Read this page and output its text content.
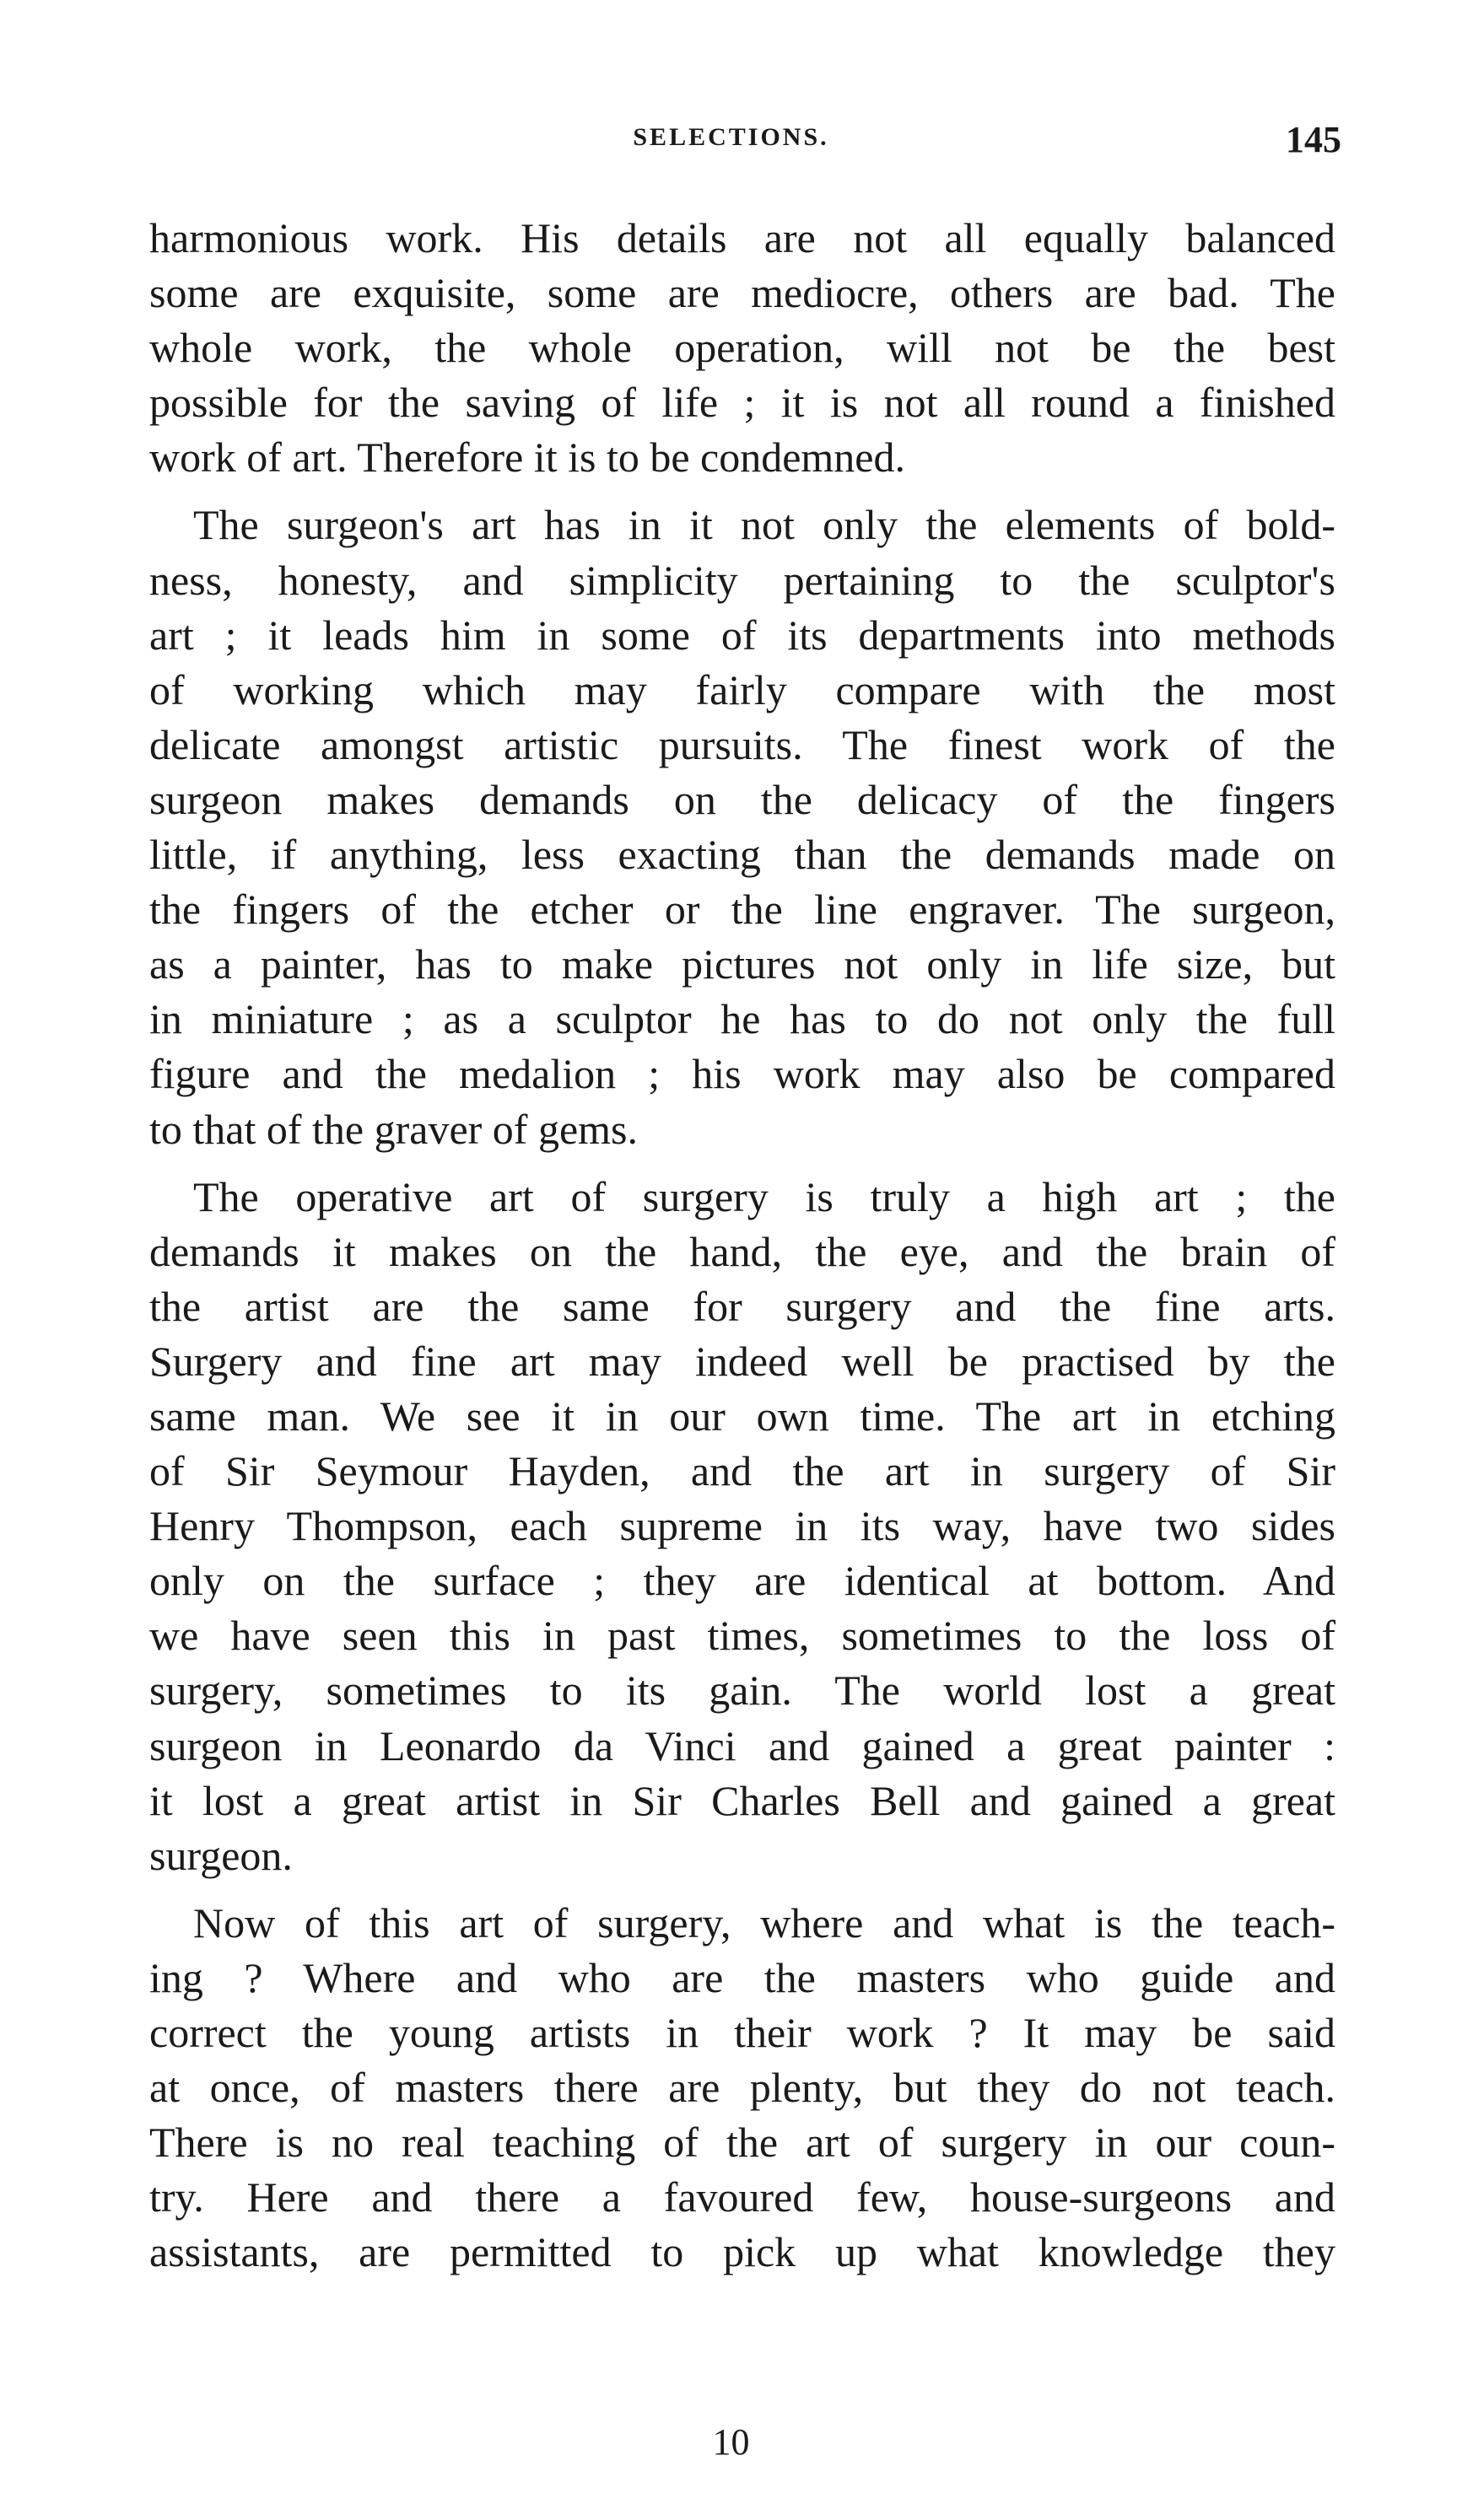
SELECTIONS.	145
harmonious work. His details are not all equally balanced
some are exquisite, some are mediocre, others are bad. The
whole work, the whole operation, will not be the best
possible for the saving of life ; it is not all round a finished
work of art. Therefore it is to be condemned.
The surgeon's art has in it not only the elements of bold-
ness, honesty, and simplicity pertaining to the sculptor's
art ; it leads him in some of its departments into methods
of working which may fairly compare with the most
delicate amongst artistic pursuits. The finest work of the
surgeon makes demands on the delicacy of the fingers
little, if anything, less exacting than the demands made on
the fingers of the etcher or the line engraver. The surgeon,
as a painter, has to make pictures not only in life size, but
in miniature ; as a sculptor he has to do not only the full
figure and the medalion ; his work may also be compared
to that of the graver of gems.
The operative art of surgery is truly a high art ; the
demands it makes on the hand, the eye, and the brain of
the artist are the same for surgery and the fine arts.
Surgery and fine art may indeed well be practised by the
same man. We see it in our own time. The art in etching
of Sir Seymour Hayden, and the art in surgery of Sir
Henry Thompson, each supreme in its way, have two sides
only on the surface ; they are identical at bottom. And
we have seen this in past times, sometimes to the loss of
surgery, sometimes to its gain. The world lost a great
surgeon in Leonardo da Vinci and gained a great painter :
it lost a great artist in Sir Charles Bell and gained a great
surgeon.
Now of this art of surgery, where and what is the teach-
ing ? Where and who are the masters who guide and
correct the young artists in their work ? It may be said
at once, of masters there are plenty, but they do not teach.
There is no real teaching of the art of surgery in our coun-
try. Here and there a favoured few, house-surgeons and
assistants, are permitted to pick up what knowledge they
10
